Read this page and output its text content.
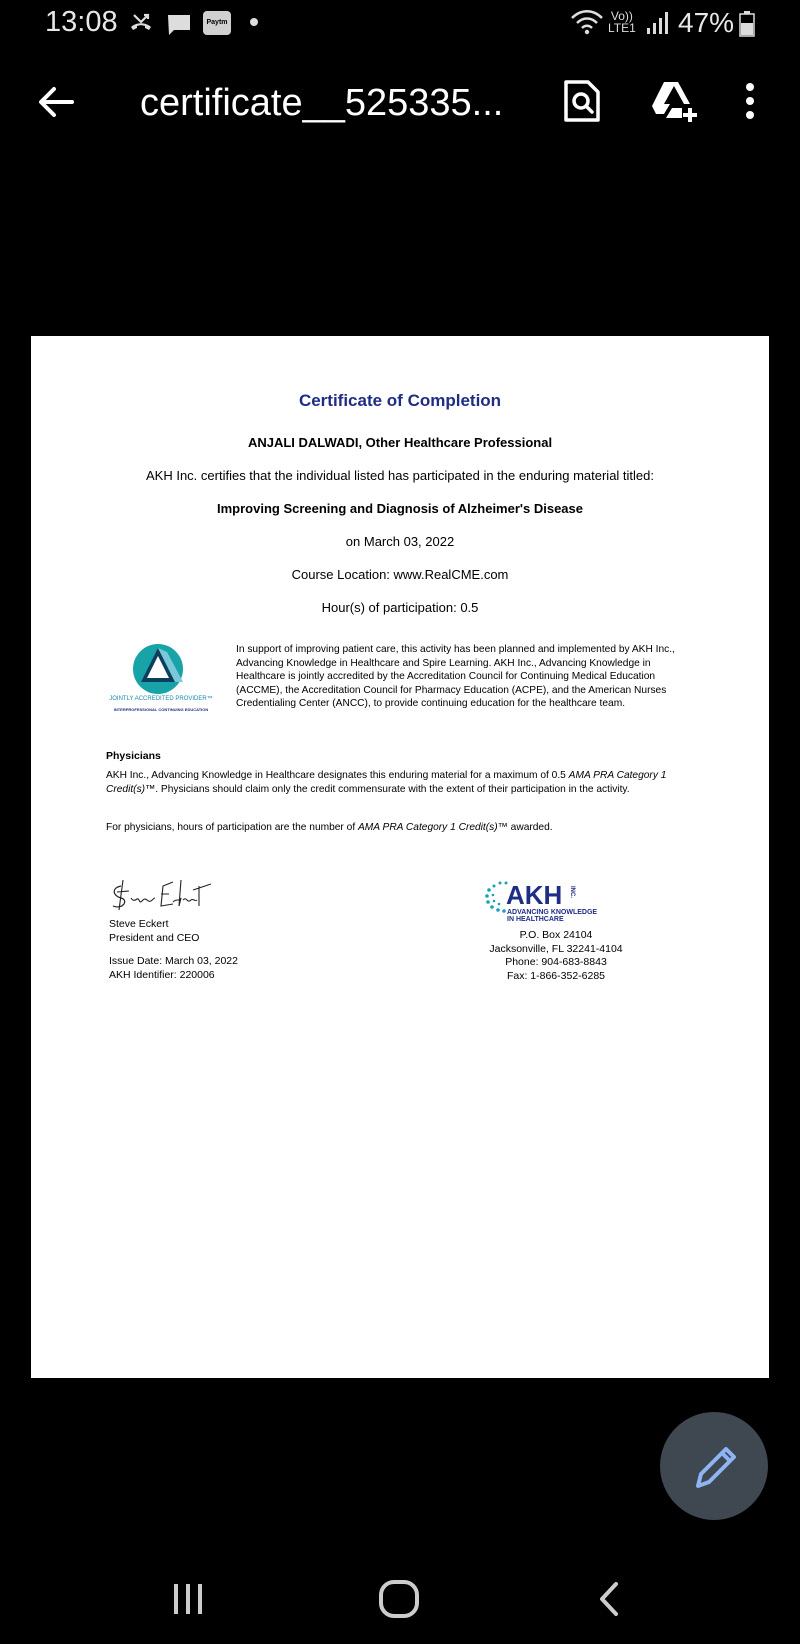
13:08	Paytm	Vo))
LTE1 47%
certificate__525335...
Certificate of Completion
ANJALI DALWADI, Other Healthcare Professional
AKH Inc. certifies that the individual listed has participated in the enduring material titled:
Improving Screening and Diagnosis of Alzheimer's Disease
on March 03, 2022
Course Location: www.RealCME.com
Hour(s) of participation: 0.5
JOINTLY ACCREDITED PROVIDER™
INTERPROFESSIONAL CONTINUING EDUCATION
In support of improving patient care, this activity has been planned and implemented by AKH Inc., Advancing Knowledge in Healthcare and Spire Learning. AKH Inc., Advancing Knowledge in Healthcare is jointly accredited by the Accreditation Council for Continuing Medical Education (ACCME), the Accreditation Council for Pharmacy Education (ACPE), and the American Nurses Credentialing Center (ANCC), to provide continuing education for the healthcare team.
Physicians
AKH Inc., Advancing Knowledge in Healthcare designates this enduring material for a maximum of 0.5 AMA PRA Category 1 Credit(s)™. Physicians should claim only the credit commensurate with the extent of their participation in the activity.
For physicians, hours of participation are the number of AMA PRA Category 1 Credit(s)™ awarded.
Steve Eckert
President and CEO
Issue Date: March 03, 2022
AKH Identifier: 220006
AKH INC.
ADVANCING KNOWLEDGE
IN HEALTHCARE
P.O. Box 24104
Jacksonville, FL 32241-4104
Phone: 904-683-8843
Fax: 1-866-352-6285
